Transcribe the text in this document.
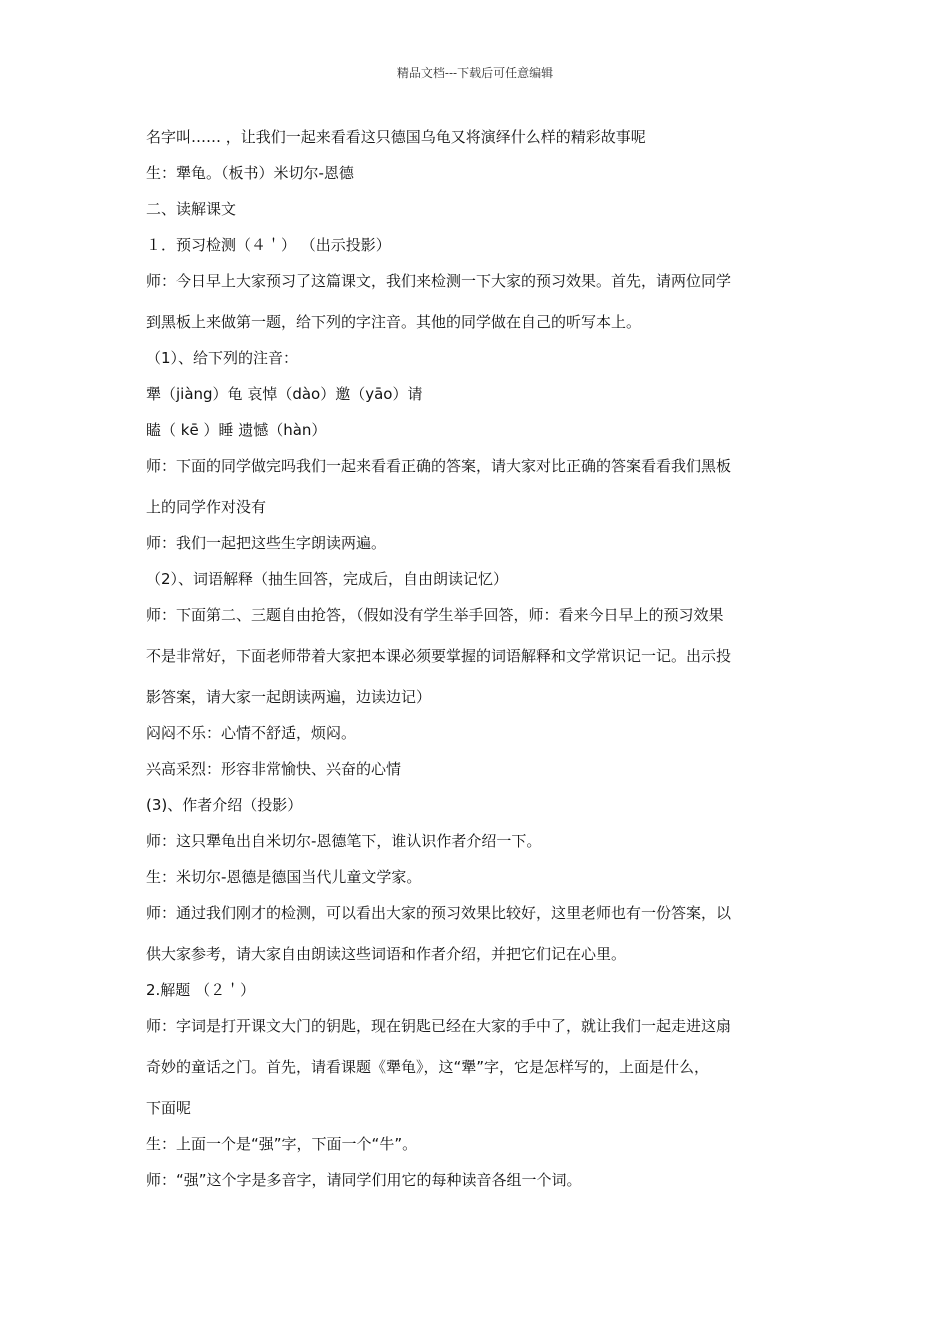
精品文档---下载后可任意编辑
名字叫…… ，让我们一起来看看这只德国乌龟又将演绎什么样的精彩故事呢
生：犟龟。（板书）米切尔-恩德
二、读解课文
１．预习检测（４＇） （出示投影）
师：今日早上大家预习了这篇课文，我们来检测一下大家的预习效果。首先，请两位同学
到黑板上来做第一题，给下列的字注音。其他的同学做在自己的听写本上。
（1）、给下列的注音：
犟（jiàng）龟 哀悼（dào）邀（yāo）请
瞌（ kē ）睡 遗憾（hàn）
师：下面的同学做完吗我们一起来看看正确的答案，请大家对比正确的答案看看我们黑板
上的同学作对没有
师：我们一起把这些生字朗读两遍。
（2）、词语解释（抽生回答，完成后，自由朗读记忆）
师：下面第二、三题自由抢答，（假如没有学生举手回答，师：看来今日早上的预习效果
不是非常好，下面老师带着大家把本课必须要掌握的词语解释和文学常识记一记。出示投
影答案，请大家一起朗读两遍，边读边记）
闷闷不乐：心情不舒适，烦闷。
兴高采烈：形容非常愉快、兴奋的心情
(3)、作者介绍（投影）
师：这只犟龟出自米切尔-恩德笔下，谁认识作者介绍一下。
生：米切尔-恩德是德国当代儿童文学家。
师：通过我们刚才的检测，可以看出大家的预习效果比较好，这里老师也有一份答案，以
供大家参考，请大家自由朗读这些词语和作者介绍，并把它们记在心里。
2.解题 （２＇）
师：字词是打开课文大门的钥匙，现在钥匙已经在大家的手中了，就让我们一起走进这扇
奇妙的童话之门。首先，请看课题《犟龟》，这“犟”字，它是怎样写的，上面是什么，
下面呢
生：上面一个是“强”字，下面一个“牛”。
师：“强”这个字是多音字，请同学们用它的每种读音各组一个词。
